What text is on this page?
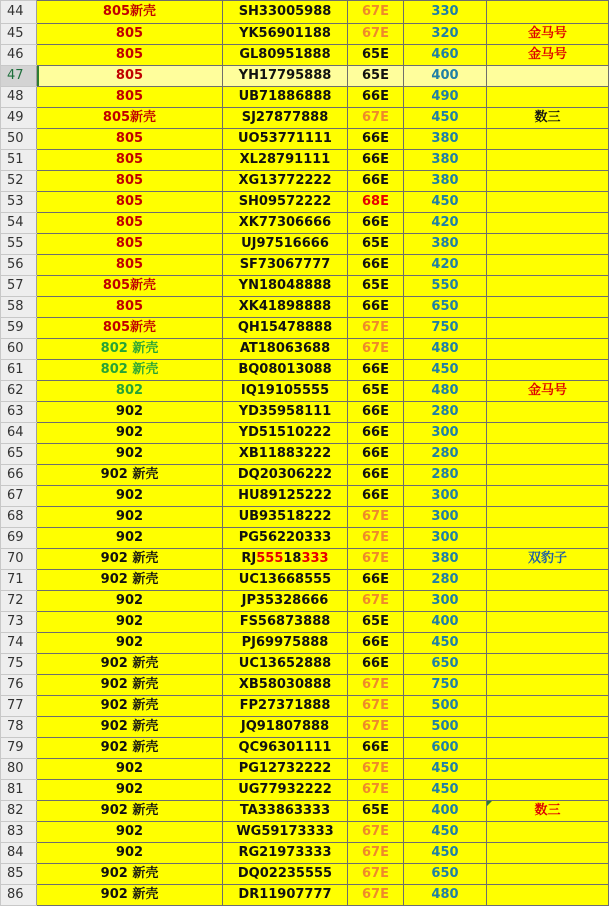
44	805新壳	SH33005988	67E	330	
45	805	YK56901188	67E	320	金马号
46	805	GL80951888	65E	460	金马号
47	805	YH17795888	65E	400	
48	805	UB71886888	66E	490	
49	805新壳	SJ27877888	67E	450	数三
50	805	UO53771111	66E	380	
51	805	XL28791111	66E	380	
52	805	XG13772222	66E	380	
53	805	SH09572222	68E	450	
54	805	XK77306666	66E	420	
55	805	UJ97516666	65E	380	
56	805	SF73067777	66E	420	
57	805新壳	YN18048888	65E	550	
58	805	XK41898888	66E	650	
59	805新壳	QH15478888	67E	750	
60	802 新壳	AT18063688	67E	480	
61	802 新壳	BQ08013088	66E	450	
62	802	IQ19105555	65E	480	金马号
63	902	YD35958111	66E	280	
64	902	YD51510222	66E	300	
65	902	XB11883222	66E	280	
66	902 新壳	DQ20306222	66E	280	
67	902	HU89125222	66E	300	
68	902	UB93518222	67E	300	
69	902	PG56220333	67E	300	
70	902 新壳	RJ55518333	67E	380	双豹子
71	902 新壳	UC13668555	66E	280	
72	902	JP35328666	67E	300	
73	902	FS56873888	65E	400	
74	902	PJ69975888	66E	450	
75	902 新壳	UC13652888	66E	650	
76	902 新壳	XB58030888	67E	750	
77	902 新壳	FP27371888	67E	500	
78	902 新壳	JQ91807888	67E	500	
79	902 新壳	QC96301111	66E	600	
80	902	PG12732222	67E	450	
81	902	UG77932222	67E	450	
82	902 新壳	TA33863333	65E	400	数三
83	902	WG59173333	67E	450	
84	902	RG21973333	67E	450	
85	902 新壳	DQ02235555	67E	650	
86	902 新壳	DR11907777	67E	480	
